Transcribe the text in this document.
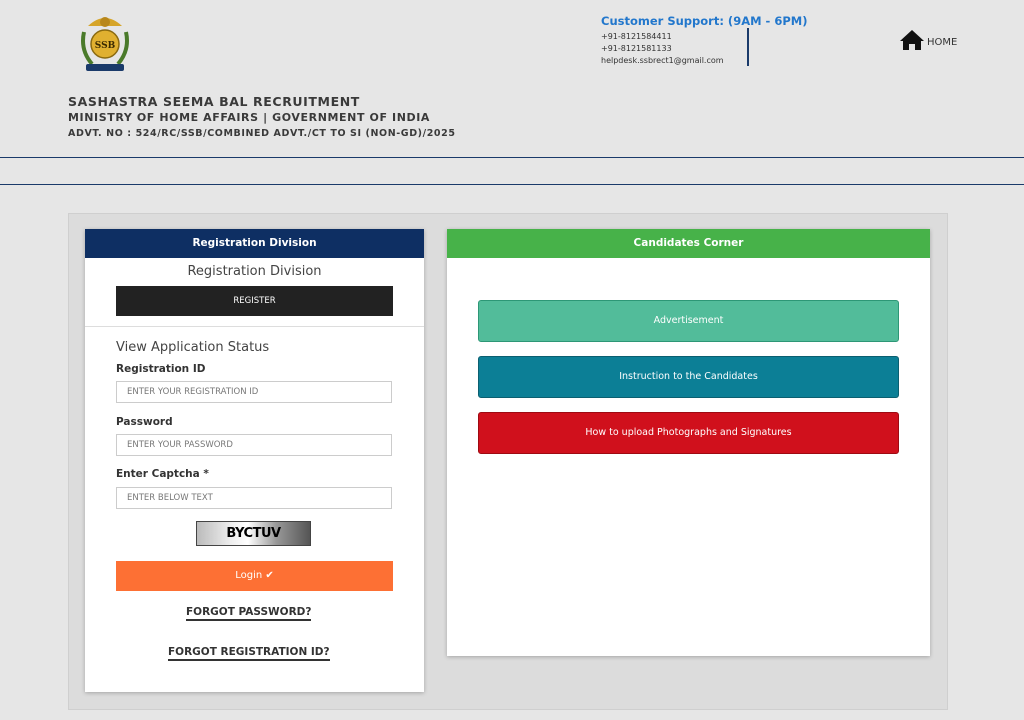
SSB
SASHASTRA SEEMA BAL RECRUITMENT
MINISTRY OF HOME AFFAIRS | GOVERNMENT OF INDIA
ADVT. NO : 524/RC/SSB/COMBINED ADVT./CT TO SI (NON-GD)/2025
Customer Support: (9AM - 6PM)
+91-8121584411
+91-8121581133
helpdesk.ssbrect1@gmail.com
HOME
Registration Division
Registration Division
REGISTER
View Application Status
Registration ID
ENTER YOUR REGISTRATION ID
Password
ENTER YOUR PASSWORD
Enter Captcha *
ENTER BELOW TEXT
BYCTUV
Login ✔
FORGOT PASSWORD?
FORGOT REGISTRATION ID?
Candidates Corner
Advertisement
Instruction to the Candidates
How to upload Photographs and Signatures
